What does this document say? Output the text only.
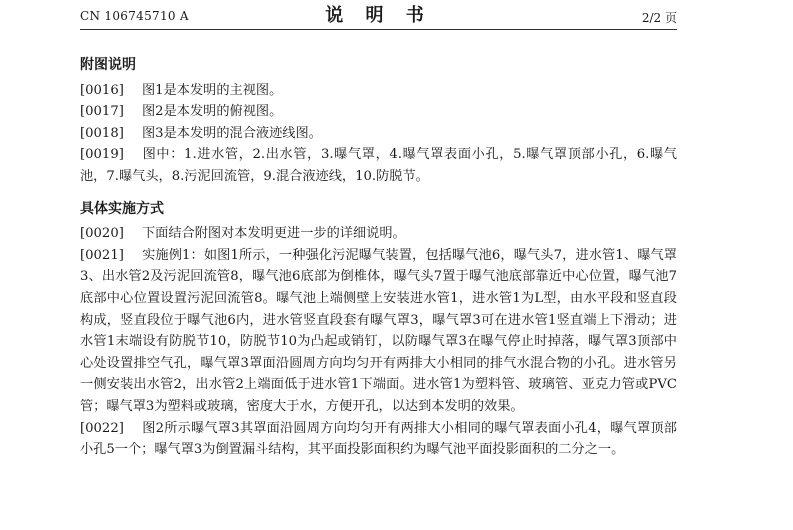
CN 106745710 A	说 明 书	2/2 页
附图说明

[0016] 图1是本发明的主视图。

[0017] 图2是本发明的俯视图。

[0018] 图3是本发明的混合液迹线图。

[0019] 图中：1.进水管，2.出水管，3.曝气罩，4.曝气罩表面小孔，5.曝气罩顶部小孔，6.曝气池，7.曝气头，8.污泥回流管，9.混合液迹线，10.防脱节。

具体实施方式

[0020] 下面结合附图对本发明更进一步的详细说明。

[0021] 实施例1：如图1所示，一种强化污泥曝气装置，包括曝气池6，曝气头7，进水管1、曝气罩3、出水管2及污泥回流管8，曝气池6底部为倒椎体，曝气头7置于曝气池底部靠近中心位置，曝气池7底部中心位置设置污泥回流管8。曝气池上端侧壁上安装进水管1，进水管1为L型，由水平段和竖直段构成，竖直段位于曝气池6内，进水管竖直段套有曝气罩3，曝气罩3可在进水管1竖直端上下滑动；进水管1末端设有防脱节10，防脱节10为凸起或销钉，以防曝气罩3在曝气停止时掉落，曝气罩3顶部中心处设置排空气孔，曝气罩3罩面沿圆周方向均匀开有两排大小相同的排气水混合物的小孔。进水管另一侧安装出水管2，出水管2上端面低于进水管1下端面。进水管1为塑料管、玻璃管、亚克力管或PVC管；曝气罩3为塑料或玻璃，密度大于水，方便开孔，以达到本发明的效果。

[0022] 图2所示曝气罩3其罩面沿圆周方向均匀开有两排大小相同的曝气罩表面小孔4，曝气罩顶部小孔5一个；曝气罩3为倒置漏斗结构，其平面投影面积约为曝气池平面投影面积的二分之一。
